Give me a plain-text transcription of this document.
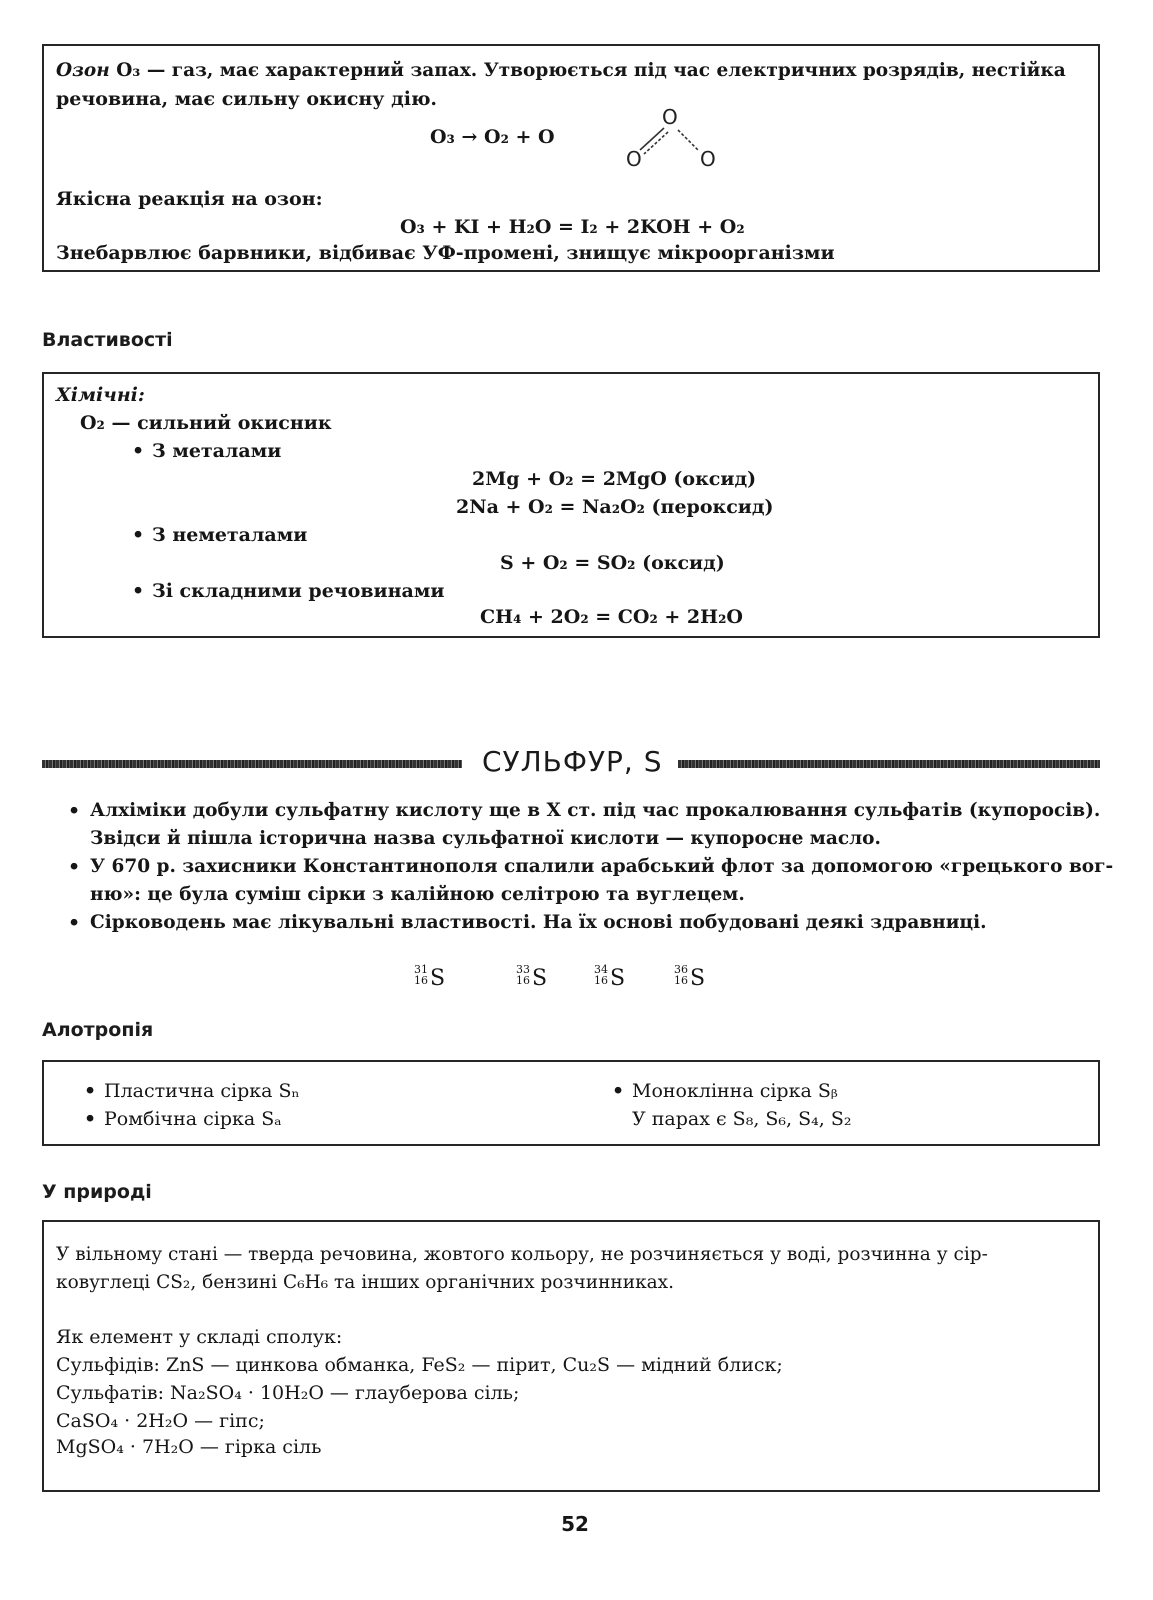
Озон O₃ — газ, має характерний запах. Утворюється під час електричних розрядів, нестійка
речовина, має сильну окисну дію.
O₃ → O₂ + O
O
O	O
Якісна реакція на озон:
O₃ + KI + H₂O = I₂ + 2KOH + O₂
Знебарвлює барвники, відбиває УФ-промені, знищує мікроорганізми
Властивості
Хімічні:
O₂ — сильний окисник
• З металами
2Mg + O₂ = 2MgO (оксид)
2Na + O₂ = Na₂O₂ (пероксид)
• З неметалами
S + O₂ = SO₂ (оксид)
• Зі складними речовинами
CH₄ + 2O₂ = CO₂ + 2H₂O
СУЛЬФУР, S
• Алхіміки добули сульфатну кислоту ще в X ст. під час прокалювання сульфатів (купоросів).
Звідси й пішла історична назва сульфатної кислоти — купоросне масло.
• У 670 р. захисники Константинополя спалили арабський флот за допомогою «грецького вог-
ню»: це була суміш сірки з калійною селітрою та вуглецем.
• Сірководень має лікувальні властивості. На їх основі побудовані деякі здравниці.
31
16 S	33
16 S	34
16 S	36
16 S
Алотропія
• Пластична сірка Sₙ
• Ромбічна сірка Sₐ
• Моноклінна сірка Sᵦ
У парах є S₈, S₆, S₄, S₂
У природі
У вільному стані — тверда речовина, жовтого кольору, не розчиняється у воді, розчинна у сір-
ковуглеці CS₂, бензині C₆H₆ та інших органічних розчинниках.
Як елемент у складі сполук:
Сульфідів: ZnS — цинкова обманка, FeS₂ — пірит, Cu₂S — мідний блиск;
Сульфатів: Na₂SO₄ · 10H₂O — глауберова сіль;
CaSO₄ · 2H₂O — гіпс;
MgSO₄ · 7H₂O — гірка сіль
52
